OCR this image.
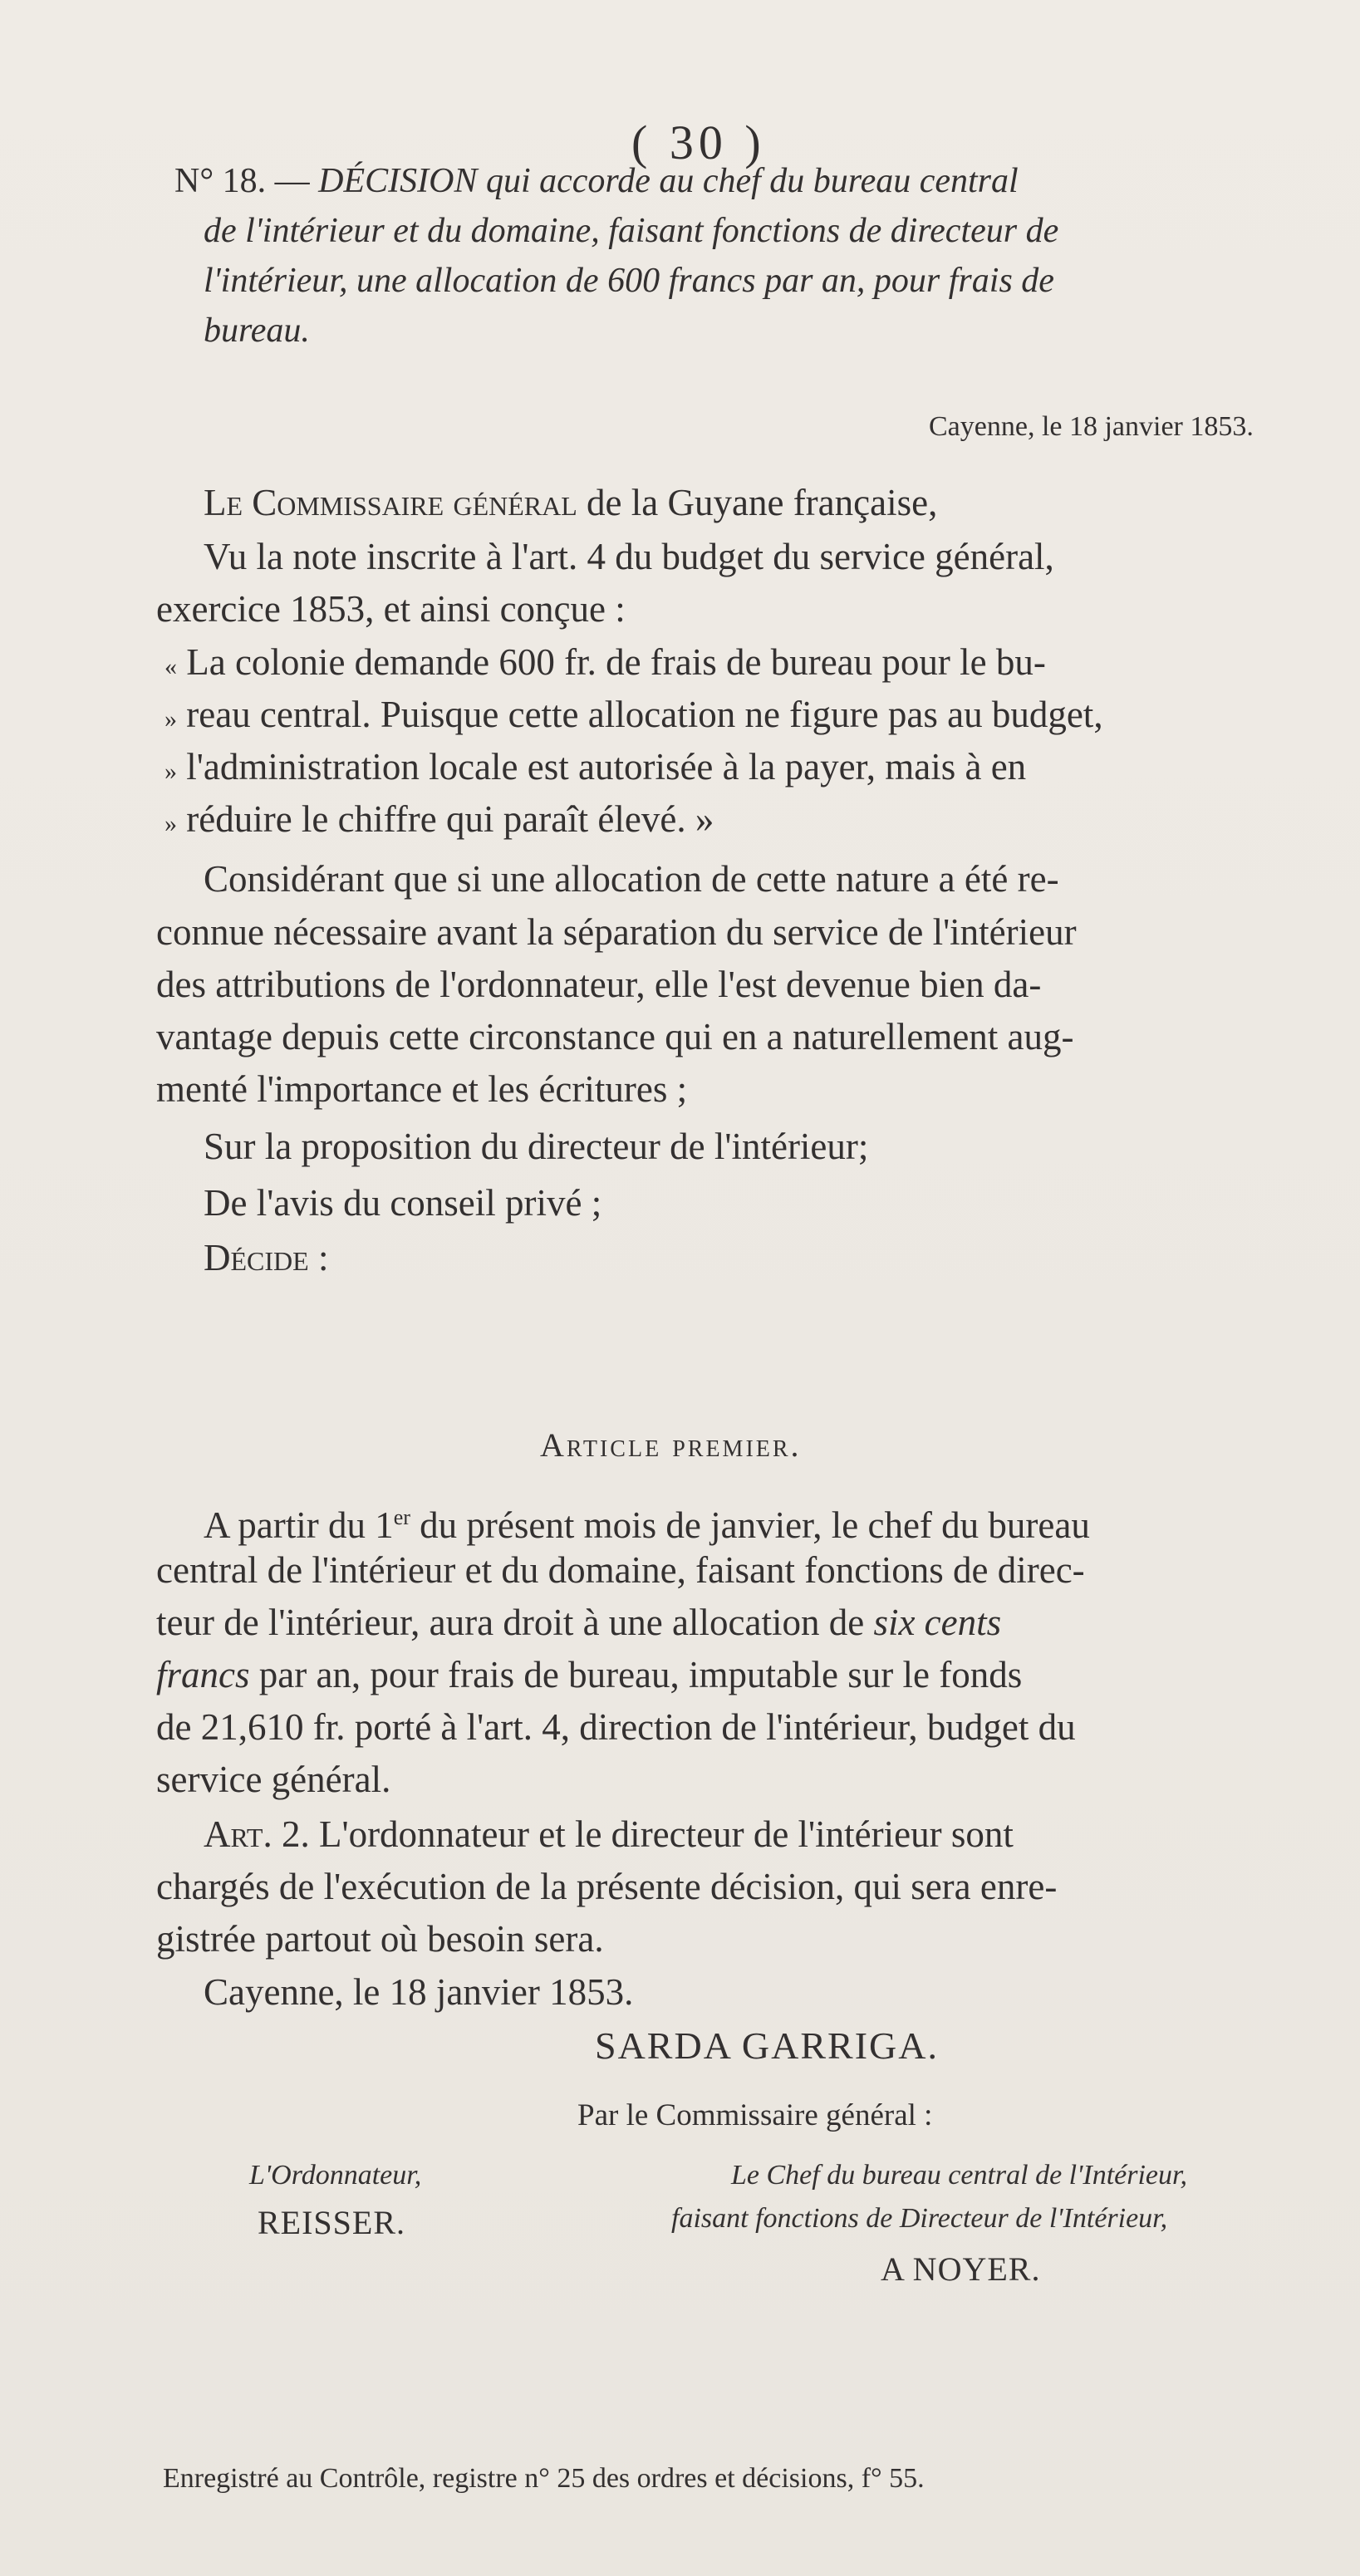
( 30 )
N° 18. — DÉCISION qui accorde au chef du bureau central
de l'intérieur et du domaine, faisant fonctions de directeur de
l'intérieur, une allocation de 600 francs par an, pour frais de
bureau.
Cayenne, le 18 janvier 1853.
Le Commissaire général de la Guyane française,
Vu la note inscrite à l'art. 4 du budget du service général,
exercice 1853, et ainsi conçue :
« La colonie demande 600 fr. de frais de bureau pour le bu-
» reau central. Puisque cette allocation ne figure pas au budget,
» l'administration locale est autorisée à la payer, mais à en
» réduire le chiffre qui paraît élevé. »
Considérant que si une allocation de cette nature a été re-
connue nécessaire avant la séparation du service de l'intérieur
des attributions de l'ordonnateur, elle l'est devenue bien da-
vantage depuis cette circonstance qui en a naturellement aug-
menté l'importance et les écritures ;
Sur la proposition du directeur de l'intérieur;
De l'avis du conseil privé ;
Décide :
Article premier.
A partir du 1er du présent mois de janvier, le chef du bureau
central de l'intérieur et du domaine, faisant fonctions de direc-
teur de l'intérieur, aura droit à une allocation de six cents
francs par an, pour frais de bureau, imputable sur le fonds
de 21,610 fr. porté à l'art. 4, direction de l'intérieur, budget du
service général.
Art. 2. L'ordonnateur et le directeur de l'intérieur sont
chargés de l'exécution de la présente décision, qui sera enre-
gistrée partout où besoin sera.
Cayenne, le 18 janvier 1853.
SARDA GARRIGA.
Par le Commissaire général :
L'Ordonnateur,
REISSER.
Le Chef du bureau central de l'Intérieur,
faisant fonctions de Directeur de l'Intérieur,
A NOYER.
Enregistré au Contrôle, registre n° 25 des ordres et décisions, f° 55.
